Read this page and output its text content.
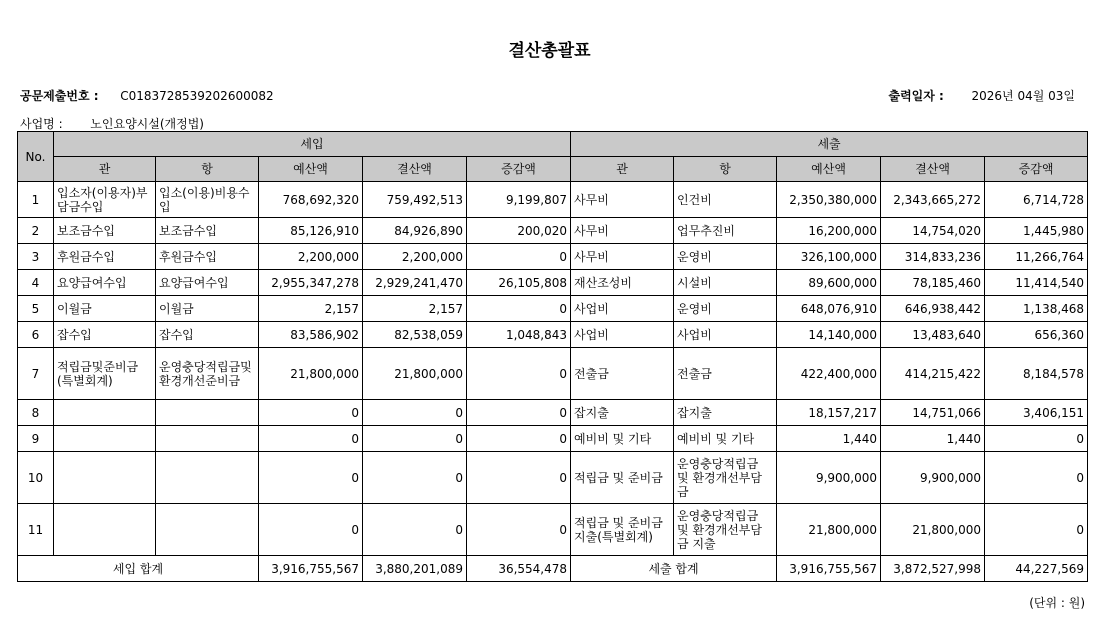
결산총괄표
공문제출번호 : C0183728539202600082	출력일자 : 2026년 04월 03일
사업명 : 노인요양시설(개정법)
No.	세입					세출				
	관	항	예산액	결산액	증감액	관	항	예산액	결산액	증감액
1	입소자(이용자)부담금수입	입소(이용)비용수입	768,692,320	759,492,513	9,199,807	사무비	인건비	2,350,380,000	2,343,665,272	6,714,728
2	보조금수입	보조금수입	85,126,910	84,926,890	200,020	사무비	업무추진비	16,200,000	14,754,020	1,445,980
3	후원금수입	후원금수입	2,200,000	2,200,000	0	사무비	운영비	326,100,000	314,833,236	11,266,764
4	요양급여수입	요양급여수입	2,955,347,278	2,929,241,470	26,105,808	재산조성비	시설비	89,600,000	78,185,460	11,414,540
5	이월금	이월금	2,157	2,157	0	사업비	운영비	648,076,910	646,938,442	1,138,468
6	잡수입	잡수입	83,586,902	82,538,059	1,048,843	사업비	사업비	14,140,000	13,483,640	656,360
7	적립금및준비금(특별회계)	운영충당적립금및환경개선준비금	21,800,000	21,800,000	0	전출금	전출금	422,400,000	414,215,422	8,184,578
8			0	0	0	잡지출	잡지출	18,157,217	14,751,066	3,406,151
9			0	0	0	예비비 및 기타	예비비 및 기타	1,440	1,440	0
10			0	0	0	적립금 및 준비금	운영충당적립금 및 환경개선부담금	9,900,000	9,900,000	0
11			0	0	0	적립금 및 준비금 지출(특별회계)	운영충당적립금 및 환경개선부담금 지출	21,800,000	21,800,000	0
세입 합계			3,916,755,567	3,880,201,089	36,554,478	세출 합계		3,916,755,567	3,872,527,998	44,227,569
(단위 : 원)
